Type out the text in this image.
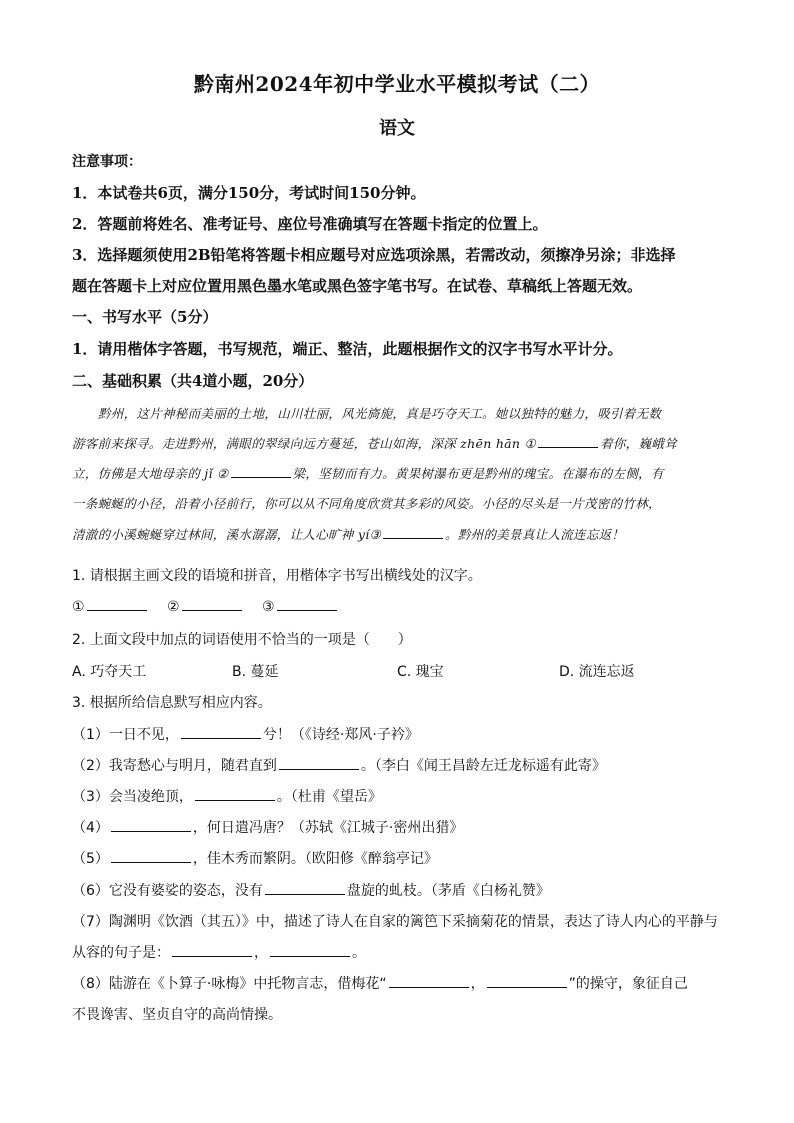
黔南州2024年初中学业水平模拟考试（二）
语文
注意事项：
1．本试卷共6页，满分150分，考试时间150分钟。
2．答题前将姓名、准考证号、座位号准确填写在答题卡指定的位置上。
3．选择题须使用2B铅笔将答题卡相应题号对应选项涂黑，若需改动，须擦净另涂；非选择
题在答题卡上对应位置用黑色墨水笔或黑色签字笔书写。在试卷、草稿纸上答题无效。
一、书写水平（5分）
1．请用楷体字答题，书写规范，端正、整洁，此题根据作文的汉字书写水平计分。
二、基础积累（共4道小题，20分）
黔州，这片神秘而美丽的土地，山川壮丽，风光旖旎，真是巧夺天工。她以独特的魅力，吸引着无数
游客前来探寻。走进黔州，满眼的翠绿向远方蔓延，苍山如海，深深 zhēn hān ①	着你，巍峨耸
立，仿佛是大地母亲的 jǐ ②	梁，坚韧而有力。黄果树瀑布更是黔州的瑰宝。在瀑布的左侧，有
一条蜿蜒的小径，沿着小径前行，你可以从不同角度欣赏其多彩的风姿。小径的尽头是一片茂密的竹林，
清澈的小溪蜿蜒穿过林间，溪水潺潺，让人心旷神 yí③	。黔州的美景真让人流连忘返！
1. 请根据主画文段的语境和拼音，用楷体字书写出横线处的汉字。
①	②	③
2. 上面文段中加点的词语使用不恰当的一项是（　　）
A. 巧夺天工	B. 蔓延	C. 瑰宝	D. 流连忘返
3. 根据所给信息默写相应内容。
（1）一日不见，	兮！（《诗经·郑风·子衿》
（2）我寄愁心与明月，随君直到	。（李白《闻王昌龄左迁龙标遥有此寄》
（3）会当凌绝顶，	。（杜甫《望岳》
（4）	，何日遣冯唐？（苏轼《江城子·密州出猎》
（5）	，佳木秀而繁阴。（欧阳修《醉翁亭记》
（6）它没有婆娑的姿态，没有	盘旋的虬枝。（茅盾《白杨礼赞》
（7）陶渊明《饮酒（其五）》中，描述了诗人在自家的篱笆下采摘菊花的情景，表达了诗人内心的平静与
从容的句子是：	，	。
（8）陆游在《卜算子·咏梅》中托物言志，借梅花“	，	”的操守，象征自己
不畏谗害、坚贞自守的高尚情操。
